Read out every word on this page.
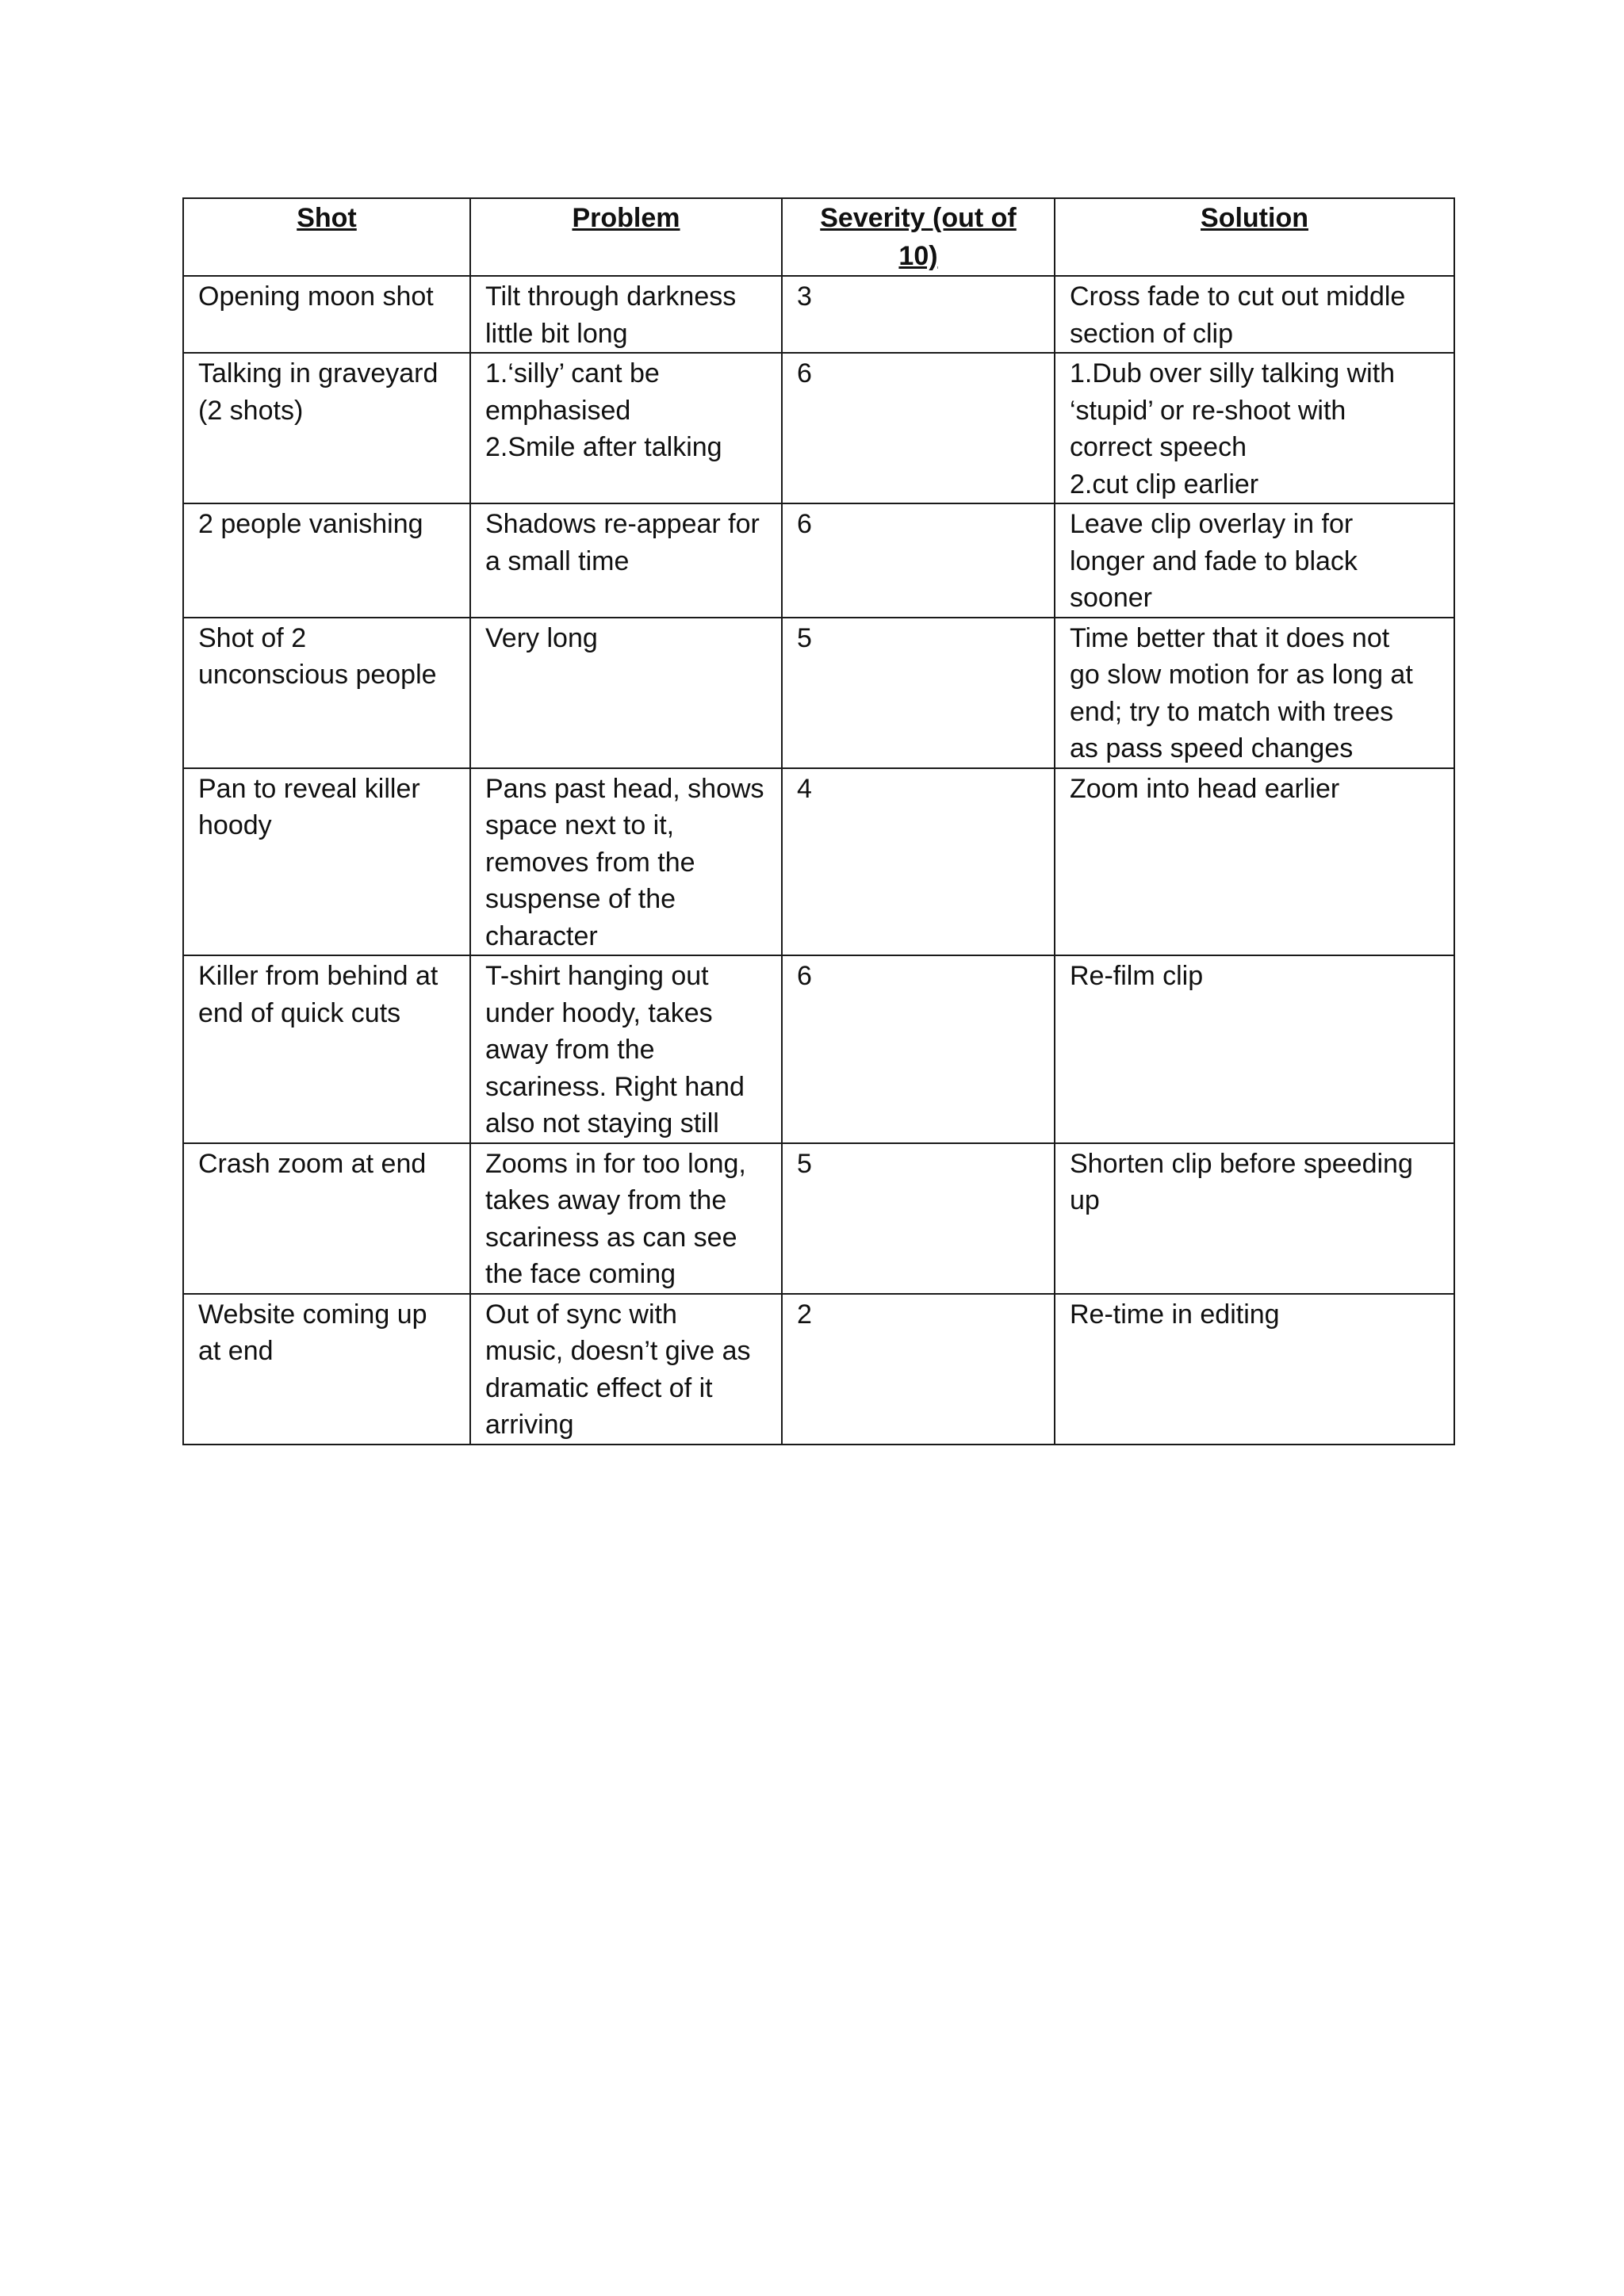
Shot	Problem	Severity (out of 10)	Solution

Opening moon shot	Tilt through darkness
little bit long	3	Cross fade to cut out middle
section of clip

Talking in graveyard
(2 shots)	1.‘silly’ cant be
emphasised
2.Smile after talking	6	1.Dub over silly talking with
‘stupid’ or re-shoot with
correct speech
2.cut clip earlier

2 people vanishing	Shadows re-appear for
a small time	6	Leave clip overlay in for
longer and fade to black
sooner

Shot of 2
unconscious people	Very long	5	Time better that it does not
go slow motion for as long at
end; try to match with trees
as pass speed changes

Pan to reveal killer
hoody	Pans past head, shows
space next to it,
removes from the
suspense of the
character	4	Zoom into head earlier

Killer from behind at
end of quick cuts	T-shirt hanging out
under hoody, takes
away from the
scariness. Right hand
also not staying still	6	Re-film clip

Crash zoom at end	Zooms in for too long,
takes away from the
scariness as can see
the face coming	5	Shorten clip before speeding
up

Website coming up
at end	Out of sync with
music, doesn’t give as
dramatic effect of it
arriving	2	Re-time in editing
